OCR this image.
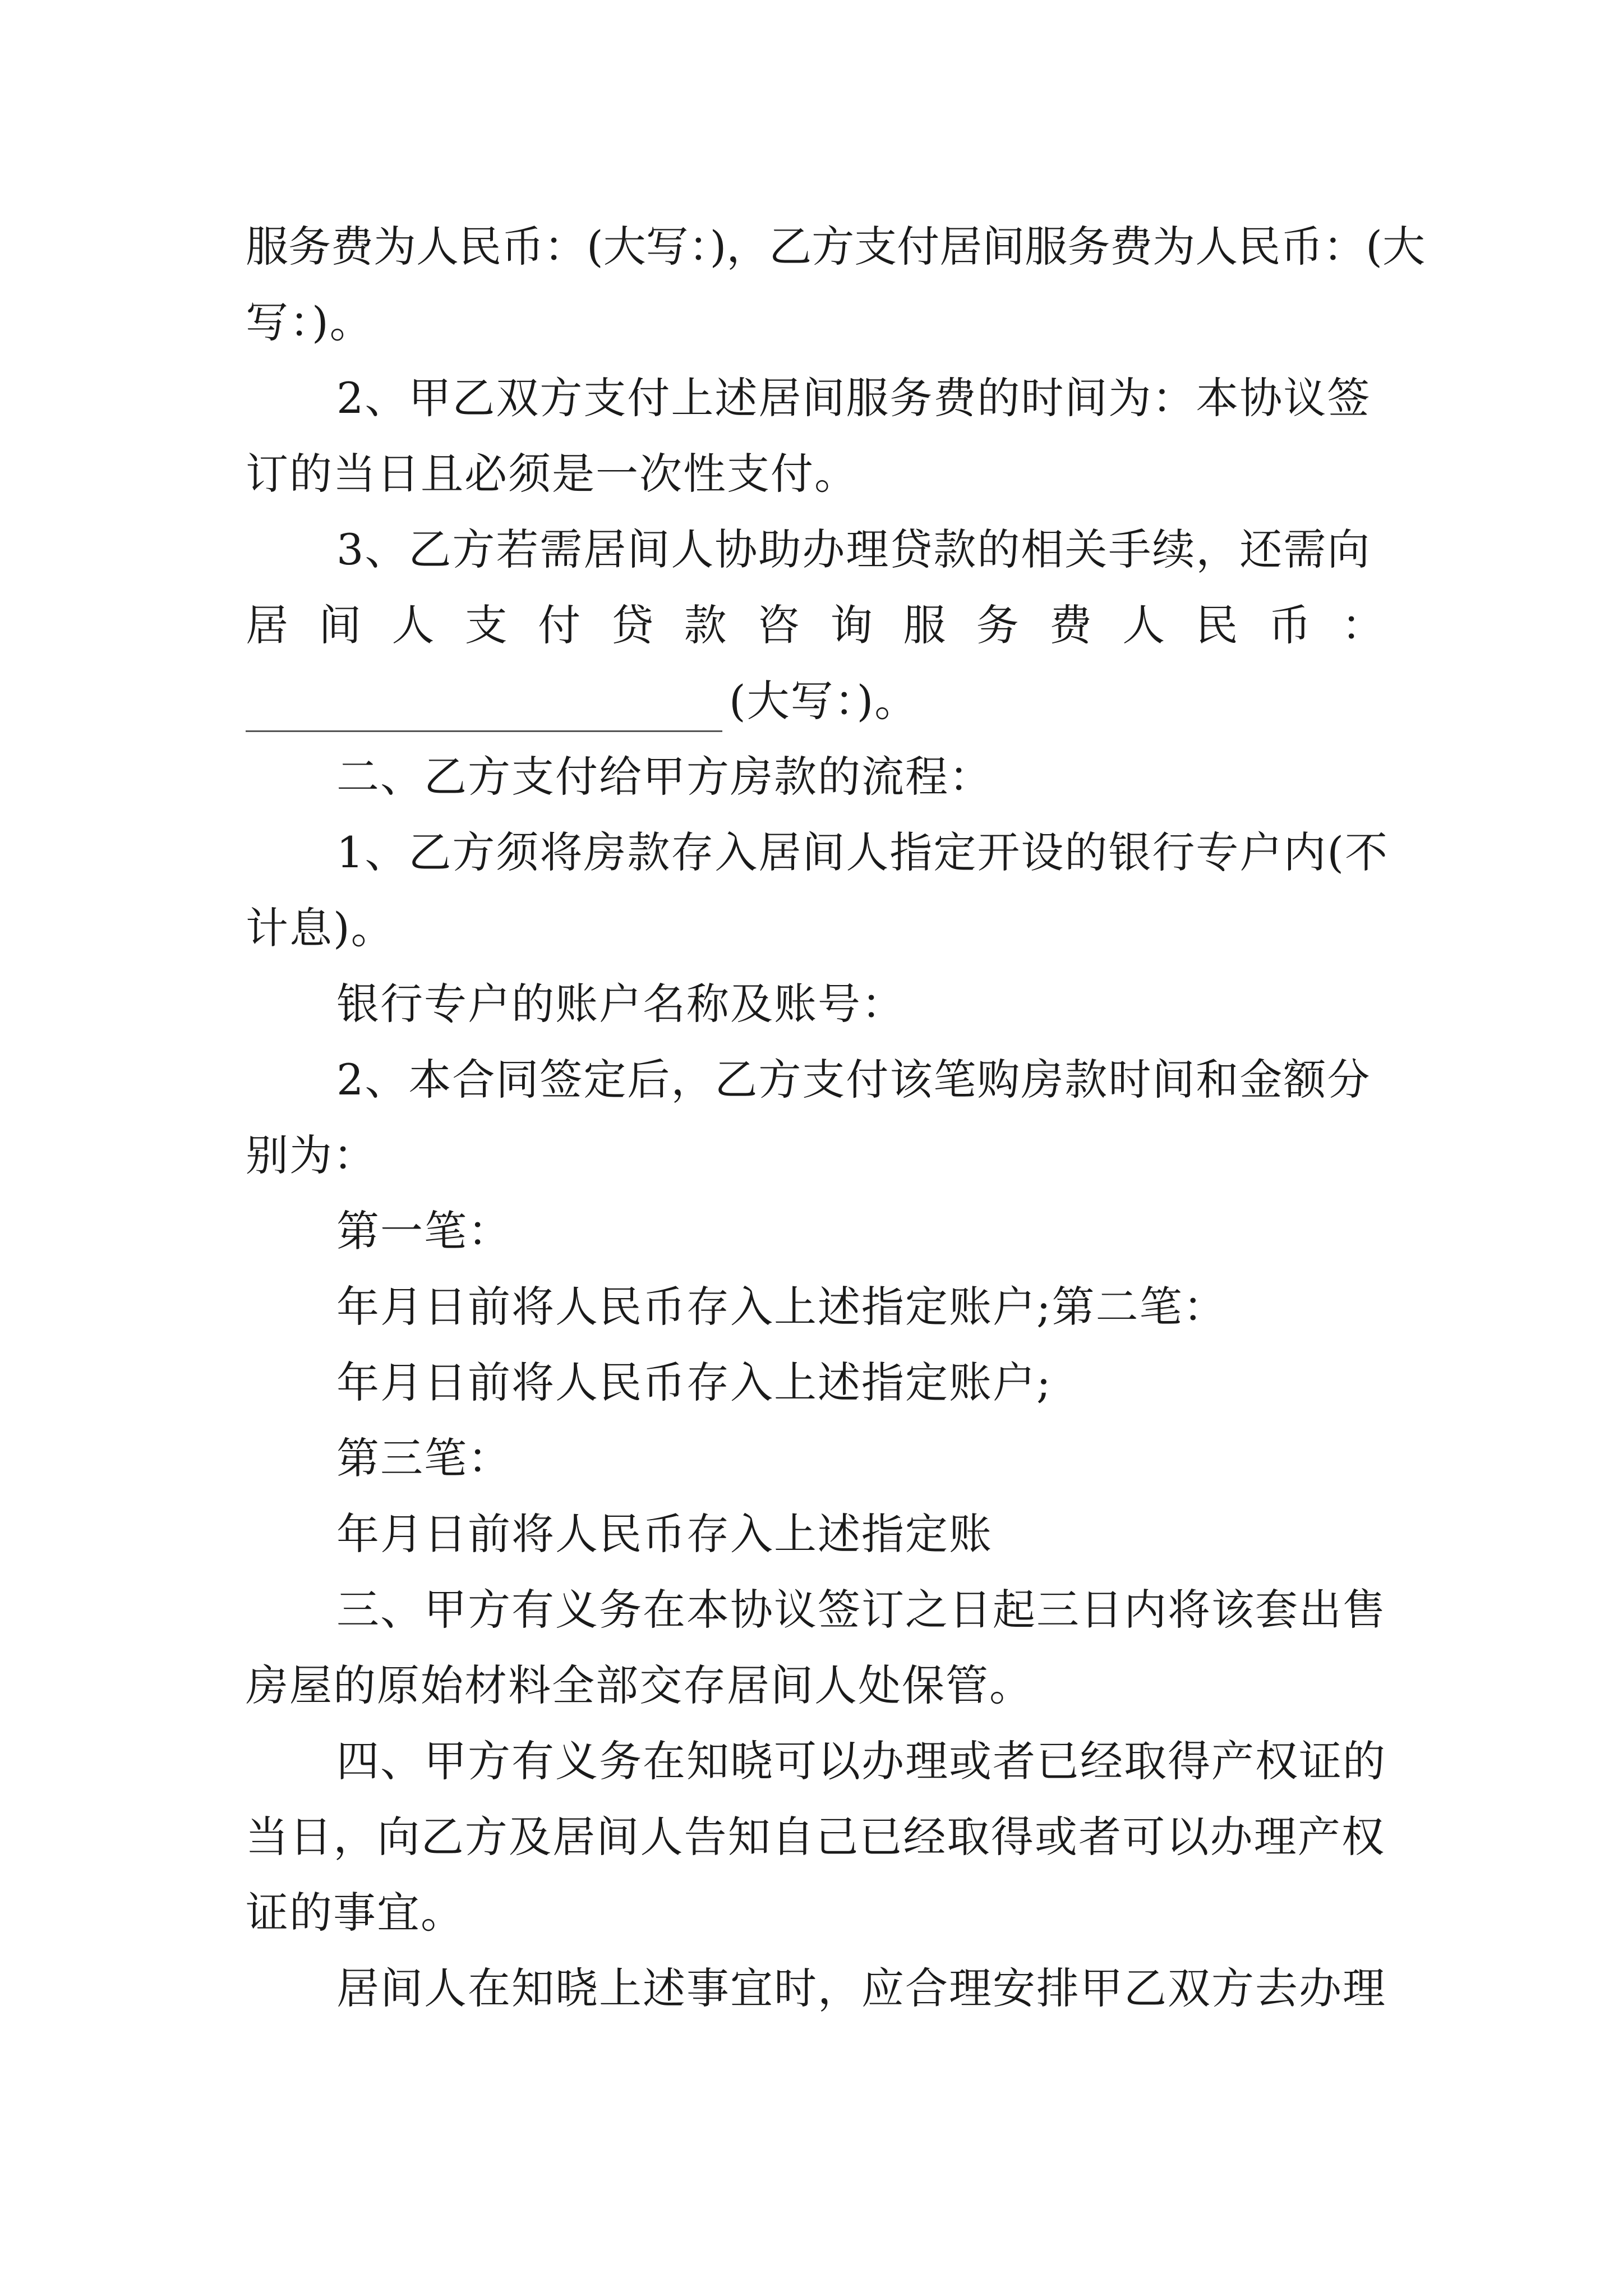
服务费为人民币：(大写：)，乙方支付居间服务费为人民币：(大
写：)。
2、甲乙双方支付上述居间服务费的时间为：本协议签
订的当日且必须是一次性支付。
3、乙方若需居间人协助办理贷款的相关手续，还需向
居 间 人 支 付 贷 款 咨 询 服 务 费 人 民 币 ：
(大写：)。
二、乙方支付给甲方房款的流程：
1、乙方须将房款存入居间人指定开设的银行专户内(不
计息)。
银行专户的账户名称及账号：
2、本合同签定后，乙方支付该笔购房款时间和金额分
别为：
第一笔：
年月日前将人民币存入上述指定账户;第二笔：
年月日前将人民币存入上述指定账户;
第三笔：
年月日前将人民币存入上述指定账
三、甲方有义务在本协议签订之日起三日内将该套出售
房屋的原始材料全部交存居间人处保管。
四、甲方有义务在知晓可以办理或者已经取得产权证的
当日，向乙方及居间人告知自己已经取得或者可以办理产权
证的事宜。
居间人在知晓上述事宜时，应合理安排甲乙双方去办理
